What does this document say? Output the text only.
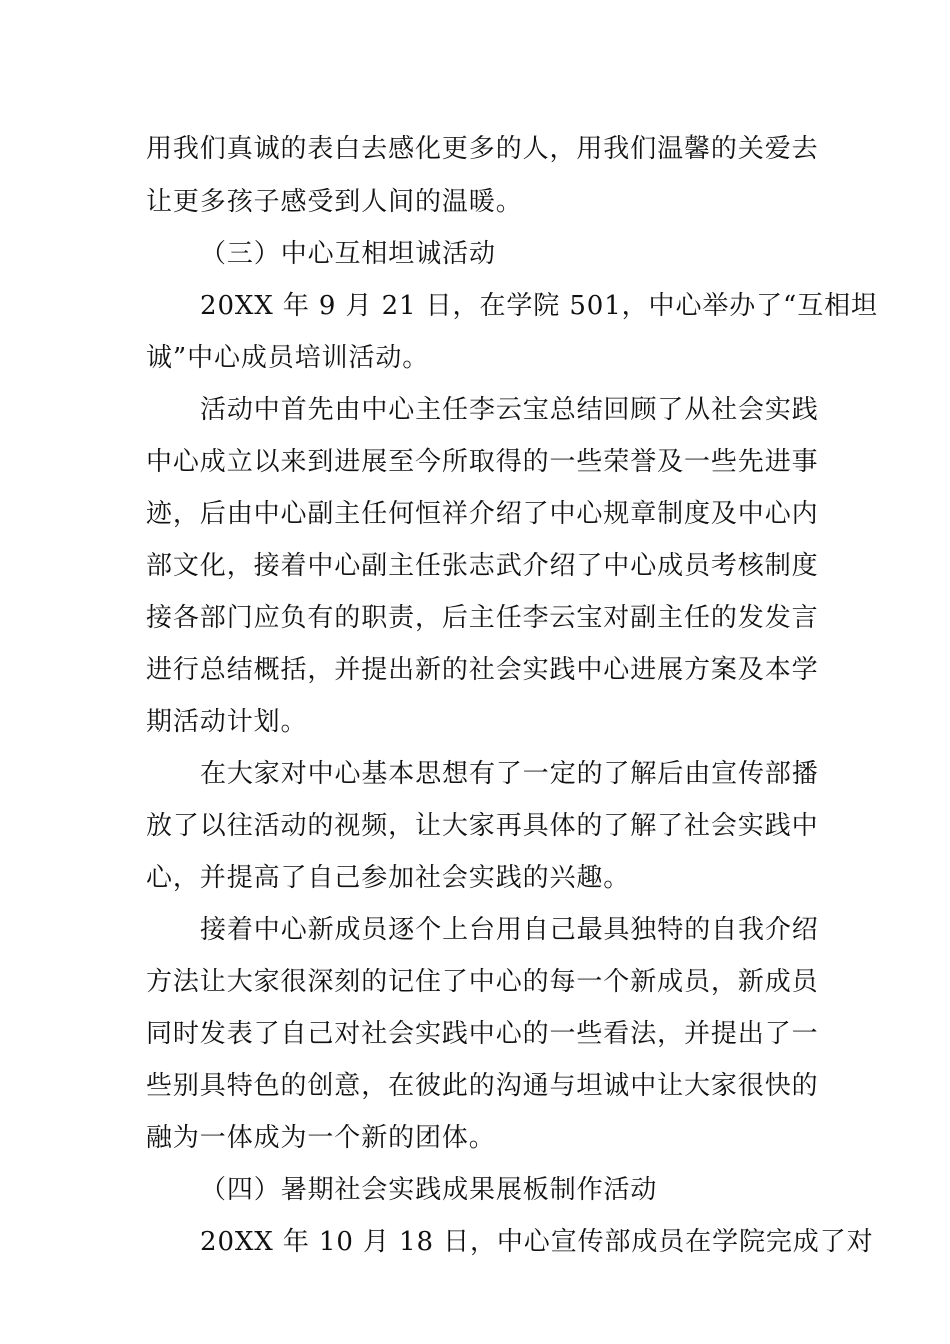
用我们真诚的表白去感化更多的人，用我们温馨的关爱去
让更多孩子感受到人间的温暖。
（三）中心互相坦诚活动
20XX 年 9 月 21 日，在学院 501，中心举办了“互相坦
诚”中心成员培训活动。
活动中首先由中心主任李云宝总结回顾了从社会实践
中心成立以来到进展至今所取得的一些荣誉及一些先进事
迹，后由中心副主任何恒祥介绍了中心规章制度及中心内
部文化，接着中心副主任张志武介绍了中心成员考核制度
接各部门应负有的职责，后主任李云宝对副主任的发发言
进行总结概括，并提出新的社会实践中心进展方案及本学
期活动计划。
在大家对中心基本思想有了一定的了解后由宣传部播
放了以往活动的视频，让大家再具体的了解了社会实践中
心，并提高了自己参加社会实践的兴趣。
接着中心新成员逐个上台用自己最具独特的自我介绍
方法让大家很深刻的记住了中心的每一个新成员，新成员
同时发表了自己对社会实践中心的一些看法，并提出了一
些别具特色的创意，在彼此的沟通与坦诚中让大家很快的
融为一体成为一个新的团体。
（四）暑期社会实践成果展板制作活动
20XX 年 10 月 18 日，中心宣传部成员在学院完成了对
